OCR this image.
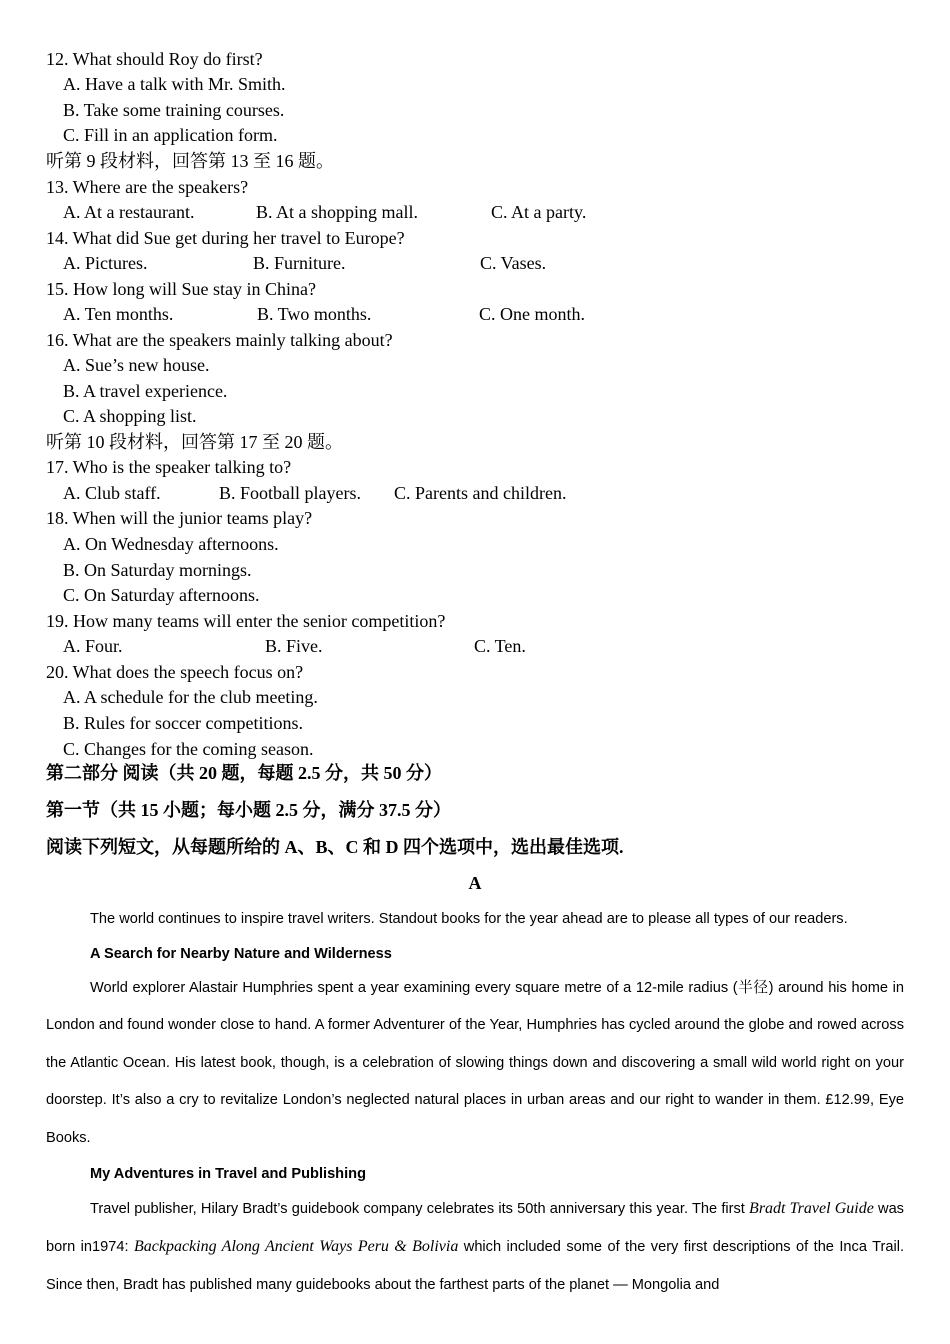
12. What should Roy do first?
A. Have a talk with Mr. Smith.
B. Take some training courses.
C. Fill in an application form.
听第 9 段材料，回答第 13 至 16 题。
13. Where are the speakers?
A. At a restaurant.	B. At a shopping mall.	C. At a party.
14. What did Sue get during her travel to Europe?
A. Pictures.	B. Furniture.	C. Vases.
15. How long will Sue stay in China?
A. Ten months.	B. Two months.	C. One month.
16. What are the speakers mainly talking about?
A. Sue’s new house.
B. A travel experience.
C. A shopping list.
听第 10 段材料，回答第 17 至 20 题。
17. Who is the speaker talking to?
A. Club staff.	B. Football players. C. Parents and children.
18. When will the junior teams play?
A. On Wednesday afternoons.
B. On Saturday mornings.
C. On Saturday afternoons.
19. How many teams will enter the senior competition?
A. Four.	B. Five.	C. Ten.
20. What does the speech focus on?
A. A schedule for the club meeting.
B. Rules for soccer competitions.
C. Changes for the coming season.
第二部分 阅读（共 20 题，每题 2.5 分，共 50 分）
第一节（共 15 小题；每小题 2.5 分，满分 37.5 分）
阅读下列短文，从每题所给的 A、B、C 和 D 四个选项中，选出最佳选项.
A
The world continues to inspire travel writers. Standout books for the year ahead are to please all types of our readers.
A Search for Nearby Nature and Wilderness
World explorer Alastair Humphries spent a year examining every square metre of a 12-mile radius (半径) around his home in London and found wonder close to hand. A former Adventurer of the Year, Humphries has cycled around the globe and rowed across the Atlantic Ocean. His latest book, though, is a celebration of slowing things down and discovering a small wild world right on your doorstep. It’s also a cry to revitalize London’s neglected natural places in urban areas and our right to wander in them. £12.99, Eye Books.
My Adventures in Travel and Publishing
Travel publisher, Hilary Bradt’s guidebook company celebrates its 50th anniversary this year. The first Bradt Travel Guide was born in1974: Backpacking Along Ancient Ways Peru & Bolivia which included some of the very first descriptions of the Inca Trail. Since then, Bradt has published many guidebooks about the farthest parts of the planet — Mongolia and
